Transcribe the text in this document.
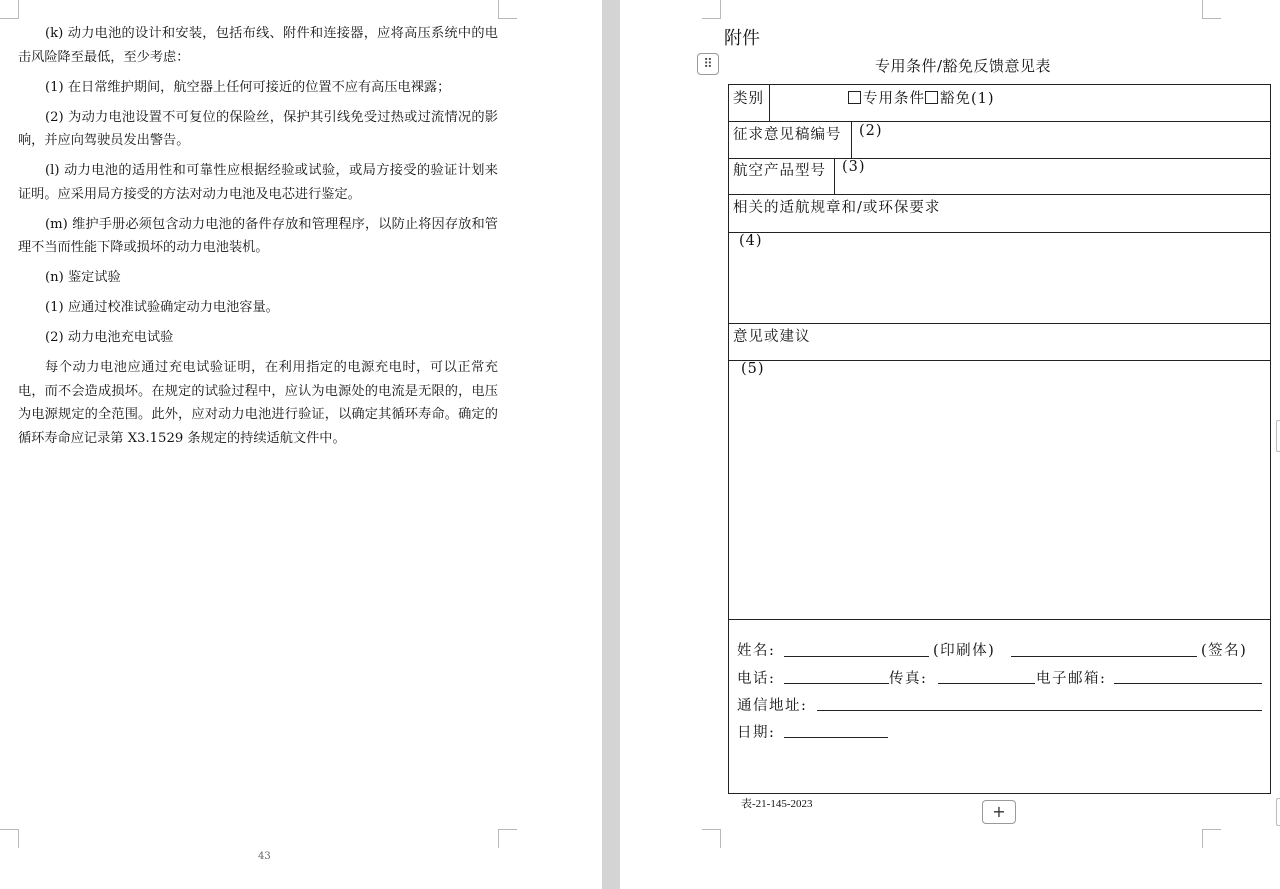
(k) 动力电池的设计和安装，包括布线、附件和连接器，应将高压系统中的电击风险降至最低，至少考虑：

(1) 在日常维护期间，航空器上任何可接近的位置不应有高压电裸露；

(2) 为动力电池设置不可复位的保险丝，保护其引线免受过热或过流情况的影响，并应向驾驶员发出警告。

(l) 动力电池的适用性和可靠性应根据经验或试验，或局方接受的验证计划来证明。应采用局方接受的方法对动力电池及电芯进行鉴定。

(m) 维护手册必须包含动力电池的备件存放和管理程序，以防止将因存放和管理不当而性能下降或损坏的动力电池装机。

(n) 鉴定试验

(1) 应通过校准试验确定动力电池容量。

(2) 动力电池充电试验

每个动力电池应通过充电试验证明，在利用指定的电源充电时，可以正常充电，而不会造成损坏。在规定的试验过程中，应认为电源处的电流是无限的，电压为电源规定的全范围。此外，应对动力电池进行验证，以确定其循环寿命。确定的循环寿命应记录第 X3.1529 条规定的持续适航文件中。

43
附件
⠿	专用条件/豁免反馈意见表
类别	专用条件 豁免(1)
征求意见稿编号 (2)
航空产品型号 (3)
相关的适航规章和/或环保要求
(4)
意见或建议
(5)
姓名:	(印刷体)	(签名)
电话:	传真:	电子邮箱:
通信地址:
日期:
表-21-145-2023	+
